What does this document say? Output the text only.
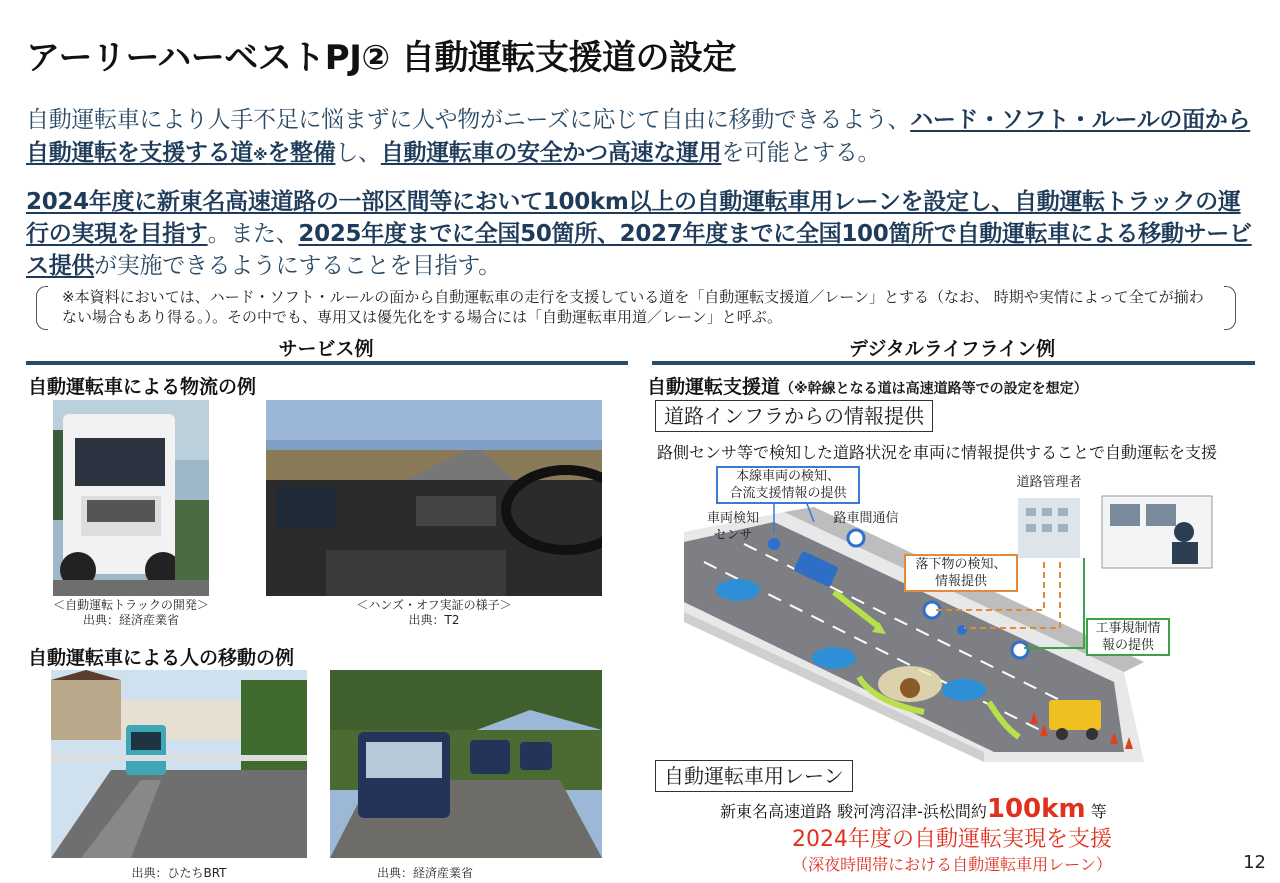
アーリーハーベストPJ② 自動運転支援道の設定
自動運転車により人手不足に悩まずに人や物がニーズに応じて自由に移動できるよう、ハード・ソフト・ルールの面から自動運転を支援する道※を整備し、自動運転車の安全かつ高速な運用を可能とする。
2024年度に新東名高速道路の一部区間等において100km以上の自動運転車用レーンを設定し、自動運転トラックの運行の実現を目指す。また、2025年度までに全国50箇所、2027年度までに全国100箇所で自動運転車による移動サービス提供が実施できるようにすることを目指す。
※本資料においては、ハード・ソフト・ルールの面から自動運転車の走行を支援している道を「自動運転支援道／レーン」とする（なお、 時期や実情によって全てが揃わない場合もあり得る。）。その中でも、専用又は優先化をする場合には「自動運転車用道／レーン」と呼ぶ。
サービス例	デジタルライフライン例
自動運転車による物流の例
＜自動運転トラックの開発＞
出典：経済産業省
＜ハンズ・オフ実証の様子＞
出典：T2
自動運転車による人の移動の例
出典：ひたちBRT	出典：経済産業省
自動運転支援道（※幹線となる道は高速道路等での設定を想定）
道路インフラからの情報提供
路側センサ等で検知した道路状況を車両に情報提供することで自動運転を支援
本線車両の検知、
合流支援情報の提供
車両検知
センサ
路車間通信
道路管理者
落下物の検知、
情報提供
工事規制情
報の提供
自動運転車用レーン
新東名高速道路 駿河湾沼津-浜松間約100km 等
2024年度の自動運転実現を支援
（深夜時間帯における自動運転車用レーン）	12
